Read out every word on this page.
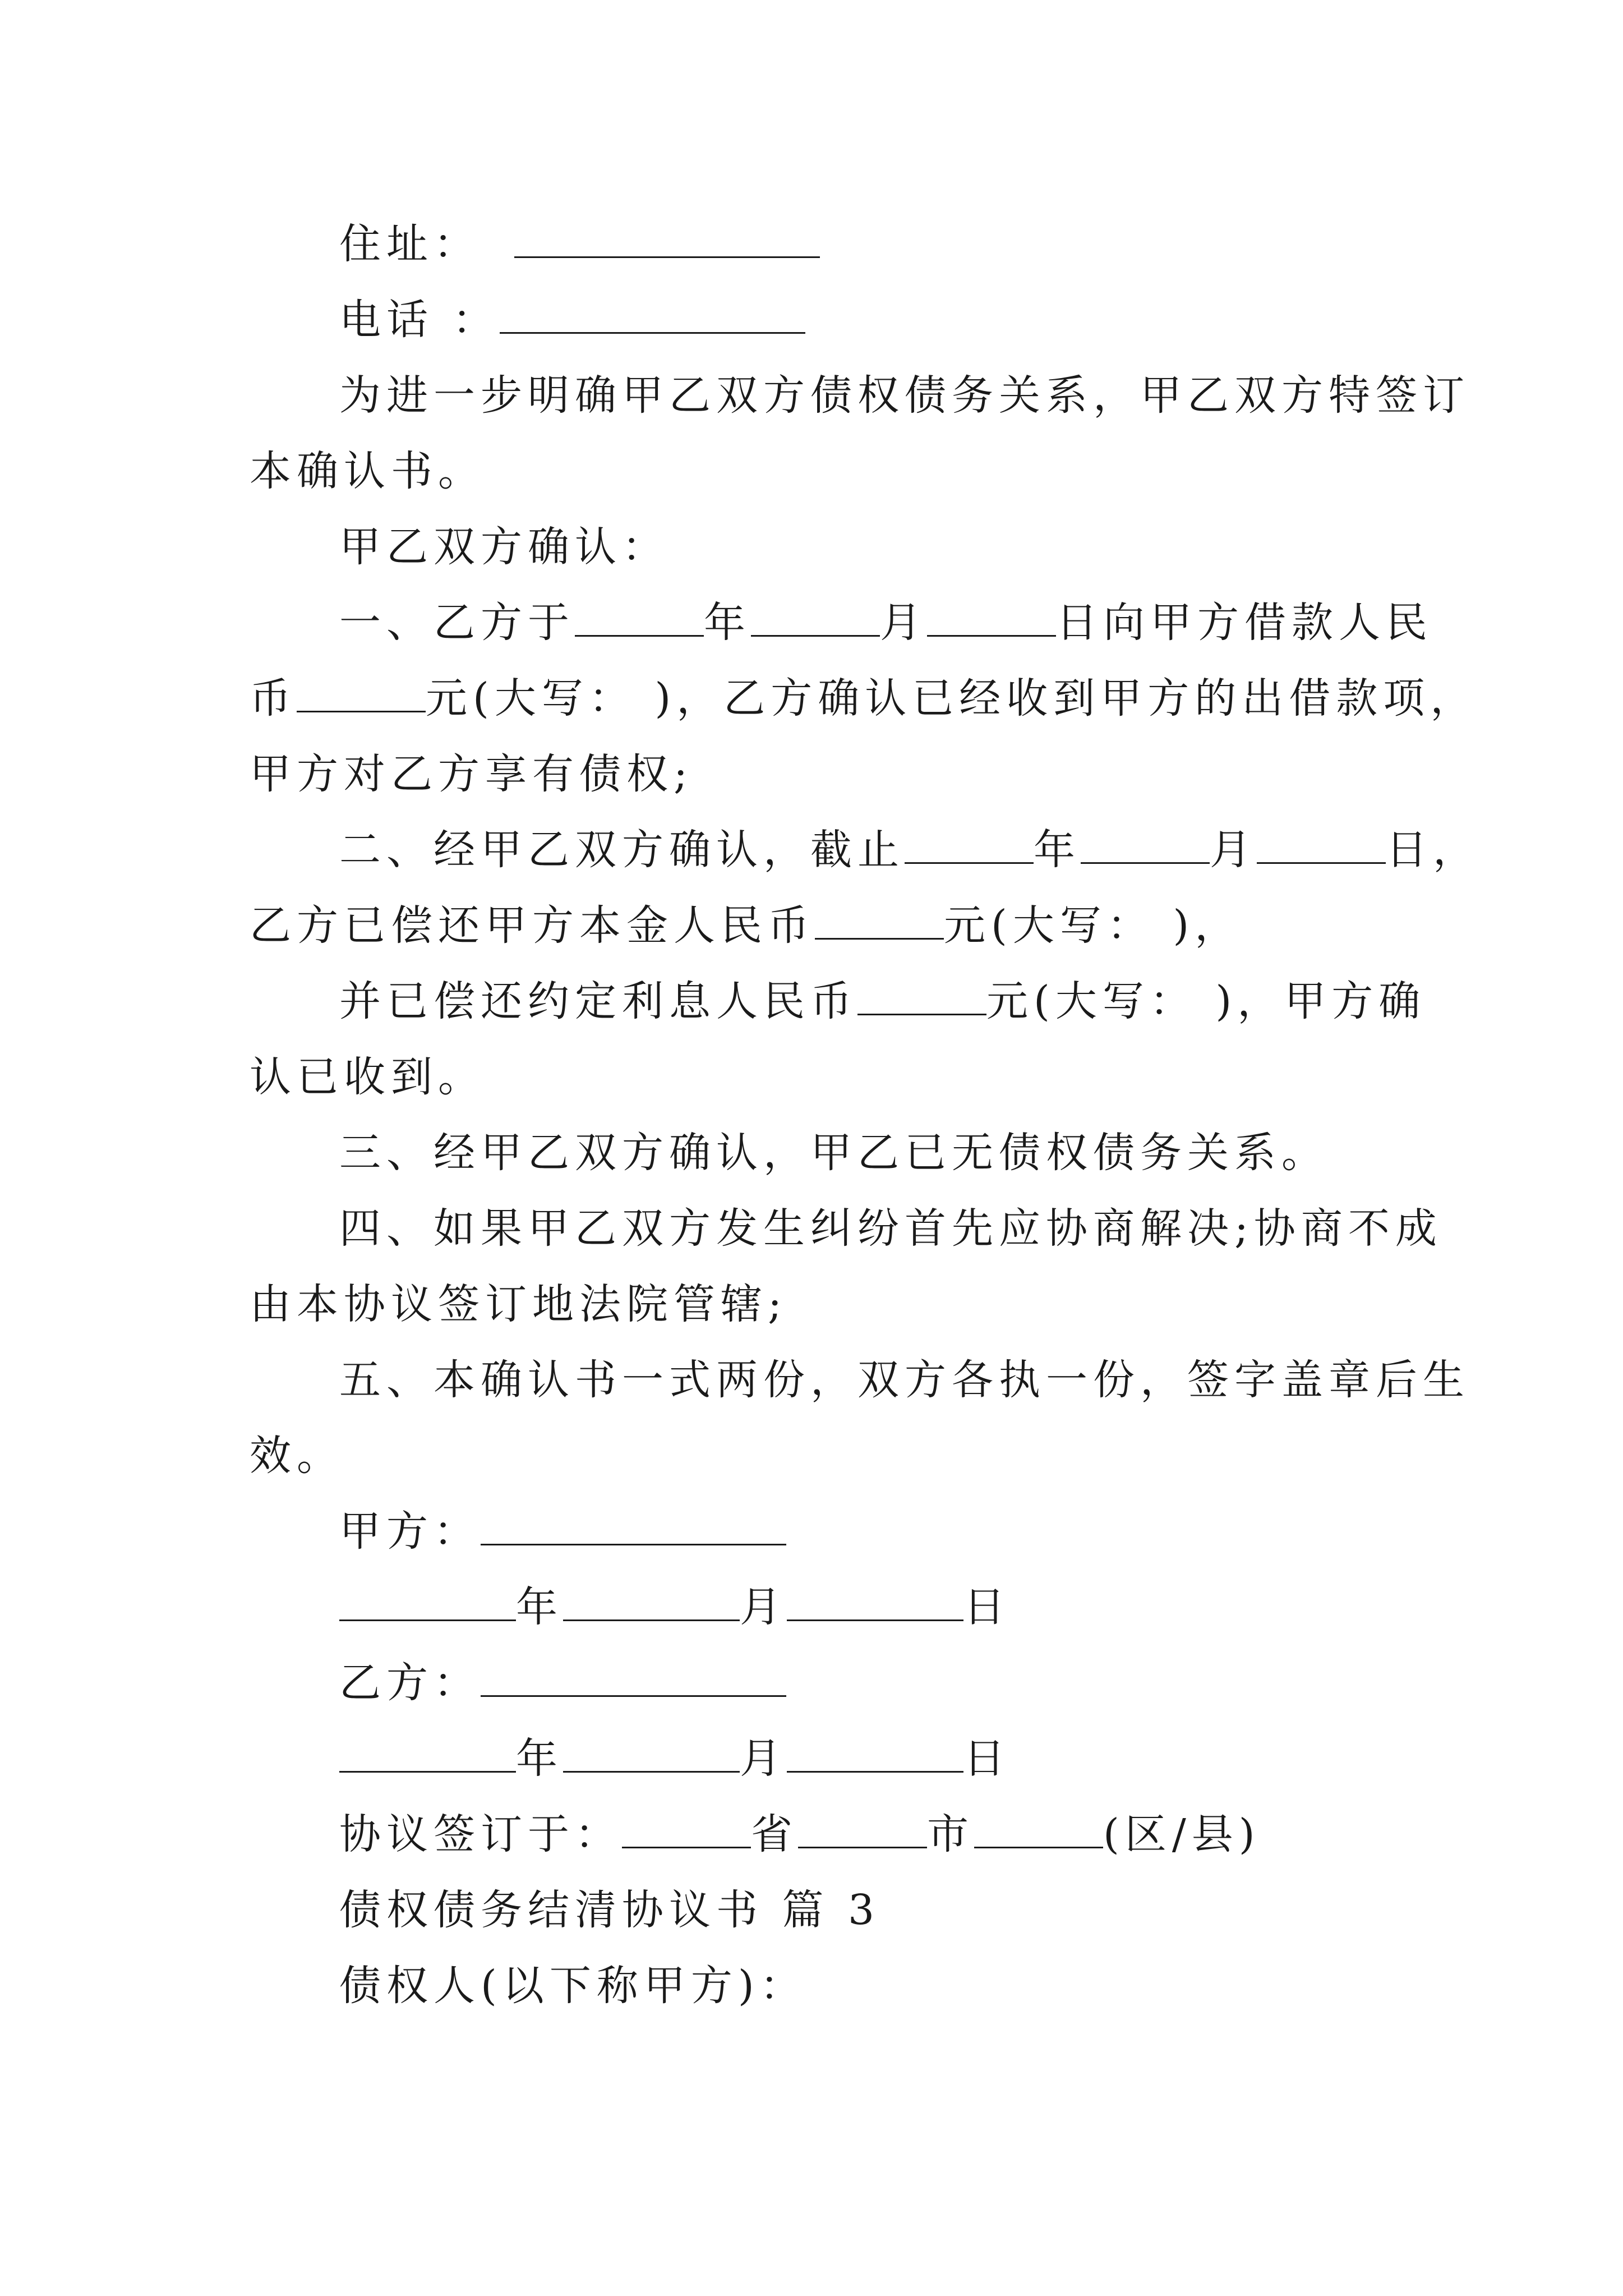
住址：
电话 ：
为进一步明确甲乙双方债权债务关系，甲乙双方特签订
本确认书。
甲乙双方确认：
一、乙方于	年	月	日向甲方借款人民
币	元(大写： )，乙方确认已经收到甲方的出借款项，
甲方对乙方享有债权;
二、经甲乙双方确认，截止	年	月	日，
乙方已偿还甲方本金人民币	元(大写： )，
并已偿还约定利息人民币	元(大写： )，甲方确
认已收到。
三、经甲乙双方确认，甲乙已无债权债务关系。
四、如果甲乙双方发生纠纷首先应协商解决;协商不成
由本协议签订地法院管辖;
五、本确认书一式两份，双方各执一份，签字盖章后生
效。
甲方：
年	月	日
乙方：
年	月	日
协议签订于：	省	市	(区/县)
债权债务结清协议书 篇 3
债权人(以下称甲方)：
